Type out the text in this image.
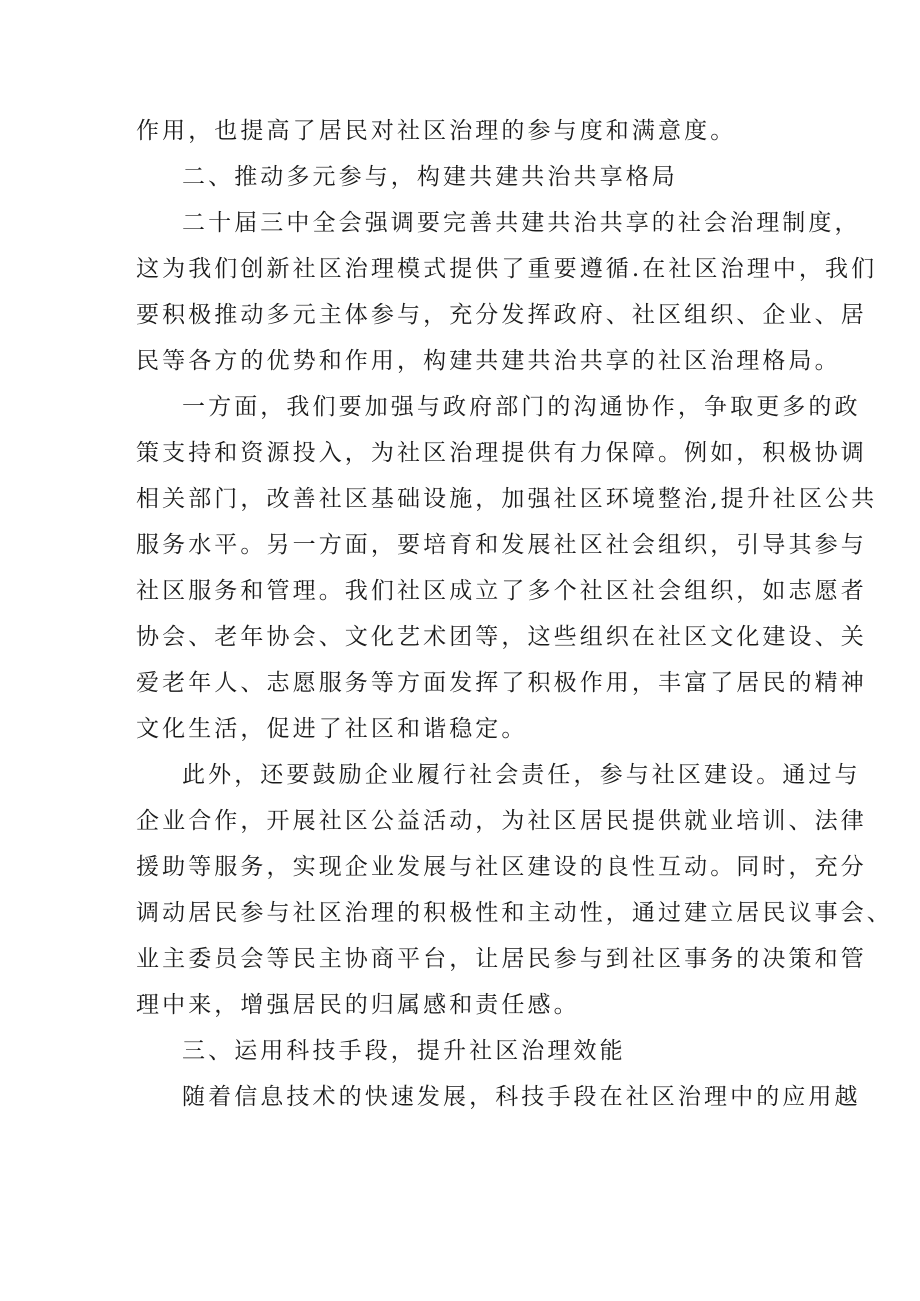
作用，也提高了居民对社区治理的参与度和满意度。
二、推动多元参与，构建共建共治共享格局
二十届三中全会强调要完善共建共治共享的社会治理制度，
这为我们创新社区治理模式提供了重要遵循.在社区治理中，我们
要积极推动多元主体参与，充分发挥政府、社区组织、企业、居
民等各方的优势和作用，构建共建共治共享的社区治理格局。
一方面，我们要加强与政府部门的沟通协作，争取更多的政
策支持和资源投入，为社区治理提供有力保障。例如，积极协调
相关部门，改善社区基础设施，加强社区环境整治,提升社区公共
服务水平。另一方面，要培育和发展社区社会组织，引导其参与
社区服务和管理。我们社区成立了多个社区社会组织，如志愿者
协会、老年协会、文化艺术团等，这些组织在社区文化建设、关
爱老年人、志愿服务等方面发挥了积极作用，丰富了居民的精神
文化生活，促进了社区和谐稳定。
此外，还要鼓励企业履行社会责任，参与社区建设。通过与
企业合作，开展社区公益活动，为社区居民提供就业培训、法律
援助等服务，实现企业发展与社区建设的良性互动。同时，充分
调动居民参与社区治理的积极性和主动性，通过建立居民议事会、
业主委员会等民主协商平台，让居民参与到社区事务的决策和管
理中来，增强居民的归属感和责任感。
三、运用科技手段，提升社区治理效能
随着信息技术的快速发展，科技手段在社区治理中的应用越
